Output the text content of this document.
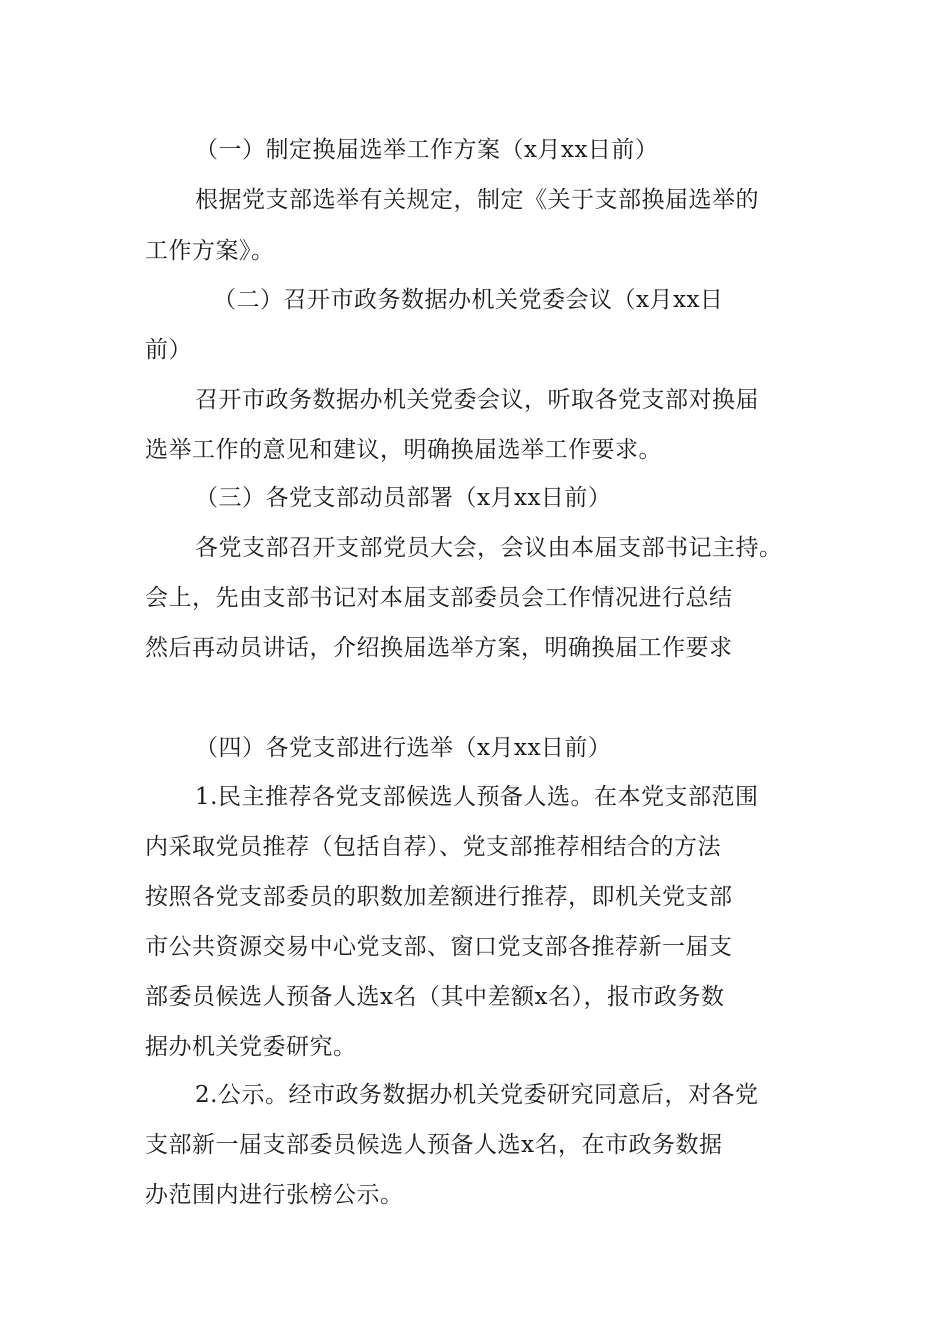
（一）制定换届选举工作方案（x月xx日前）
根据党支部选举有关规定，制定《关于支部换届选举的
工作方案》。
（二）召开市政务数据办机关党委会议（x月xx日
前）
召开市政务数据办机关党委会议，听取各党支部对换届
选举工作的意见和建议，明确换届选举工作要求。
（三）各党支部动员部署（x月xx日前）
各党支部召开支部党员大会，会议由本届支部书记主持。
会上，先由支部书记对本届支部委员会工作情况进行总结
然后再动员讲话，介绍换届选举方案，明确换届工作要求
（四）各党支部进行选举（x月xx日前）
1.民主推荐各党支部候选人预备人选。在本党支部范围
内采取党员推荐（包括自荐）、党支部推荐相结合的方法
按照各党支部委员的职数加差额进行推荐，即机关党支部
市公共资源交易中心党支部、窗口党支部各推荐新一届支
部委员候选人预备人选x名（其中差额x名），报市政务数
据办机关党委研究。
2.公示。经市政务数据办机关党委研究同意后，对各党
支部新一届支部委员候选人预备人选x名，在市政务数据
办范围内进行张榜公示。
